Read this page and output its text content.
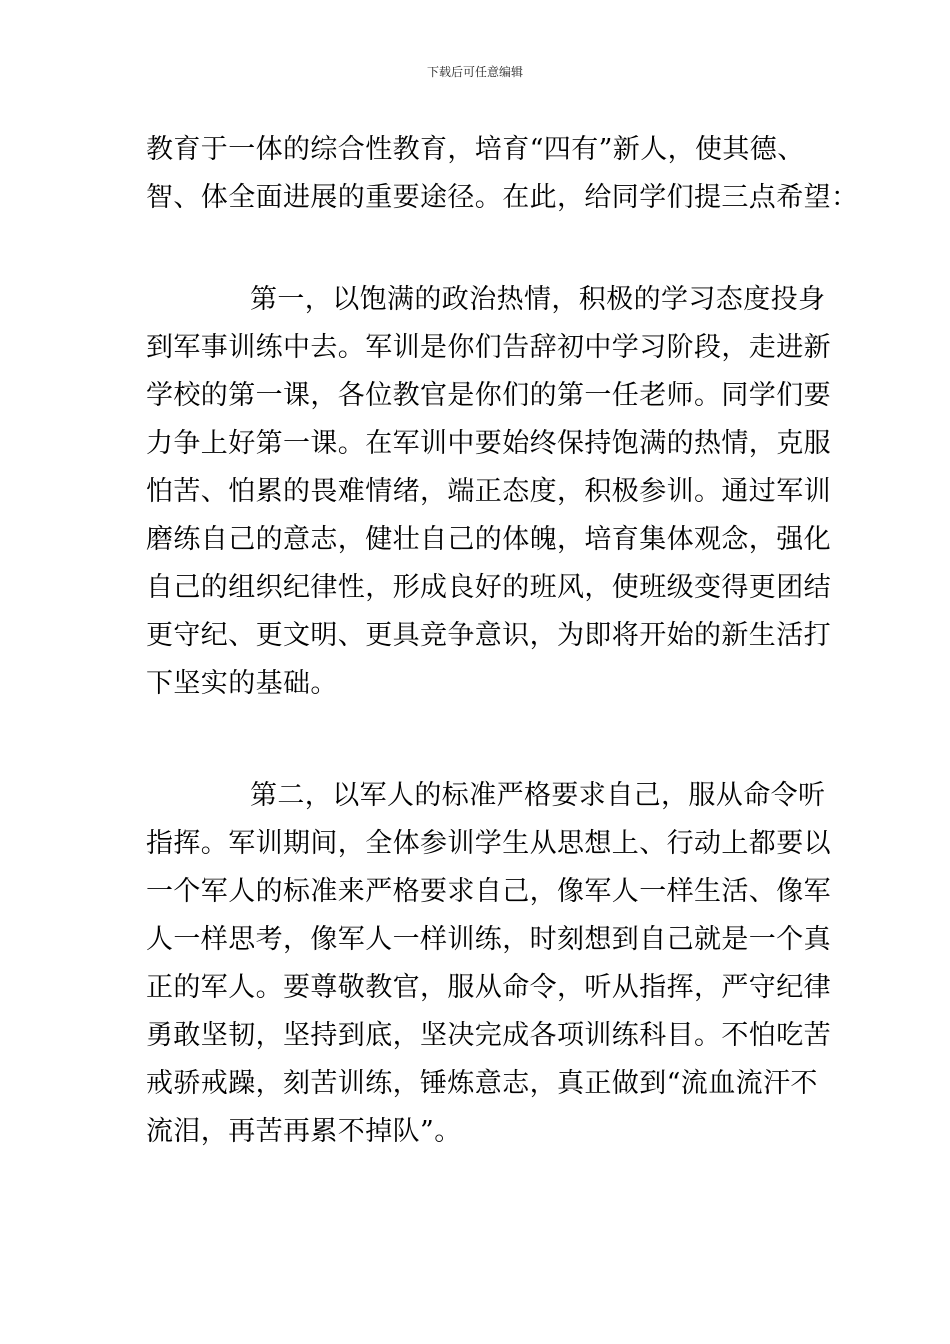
下载后可任意编辑
教育于一体的综合性教育，培育“四有”新人，使其德、
智、体全面进展的重要途径。在此，给同学们提三点希望：
第一，以饱满的政治热情，积极的学习态度投身
到军事训练中去。军训是你们告辞初中学习阶段，走进新
学校的第一课，各位教官是你们的第一任老师。同学们要
力争上好第一课。在军训中要始终保持饱满的热情，克服
怕苦、怕累的畏难情绪，端正态度，积极参训。通过军训
磨练自己的意志，健壮自己的体魄，培育集体观念，强化
自己的组织纪律性，形成良好的班风，使班级变得更团结
更守纪、更文明、更具竞争意识，为即将开始的新生活打
下坚实的基础。
第二，以军人的标准严格要求自己，服从命令听
指挥。军训期间，全体参训学生从思想上、行动上都要以
一个军人的标准来严格要求自己，像军人一样生活、像军
人一样思考，像军人一样训练，时刻想到自己就是一个真
正的军人。要尊敬教官，服从命令，听从指挥，严守纪律
勇敢坚韧，坚持到底，坚决完成各项训练科目。不怕吃苦
戒骄戒躁，刻苦训练，锤炼意志，真正做到“流血流汗不
流泪，再苦再累不掉队”。
